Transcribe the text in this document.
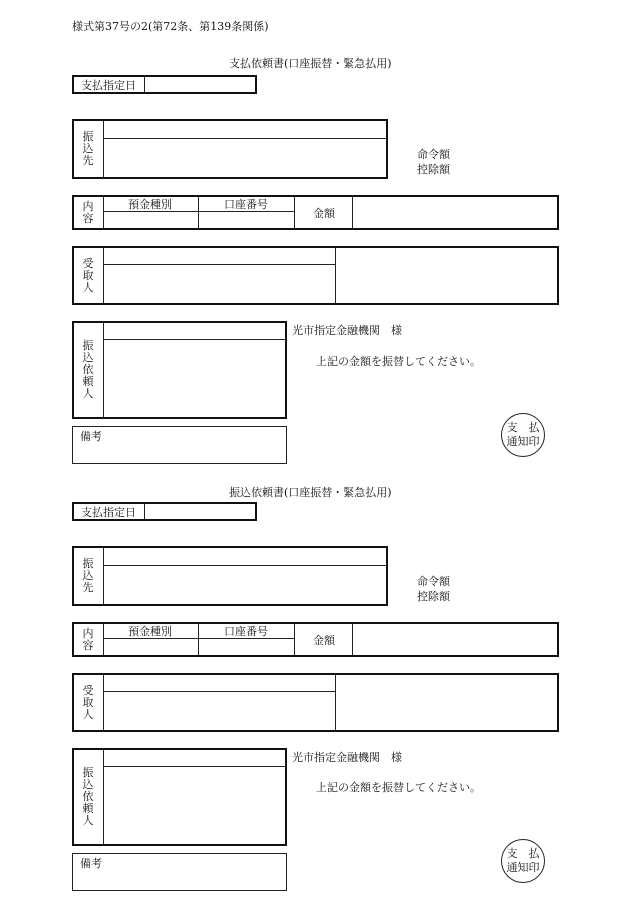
様式第37号の2(第72条、第139条関係)
支払依頼書(口座振替・緊急払用)
支払指定日
振
込
先	命令額
控除額
内
容
預金種別	口座番号
金額
受
取
人
振
込
依
頼
人
光市指定金融機関　様
上記の金額を振替してください。
備考
支　払
通知印
振込依頼書(口座振替・緊急払用)
支払指定日
振
込
先	命令額
控除額
内
容
預金種別	口座番号
金額
受
取
人
振
込
依
頼
人
光市指定金融機関　様
上記の金額を振替してください。
備考
支　払
通知印
